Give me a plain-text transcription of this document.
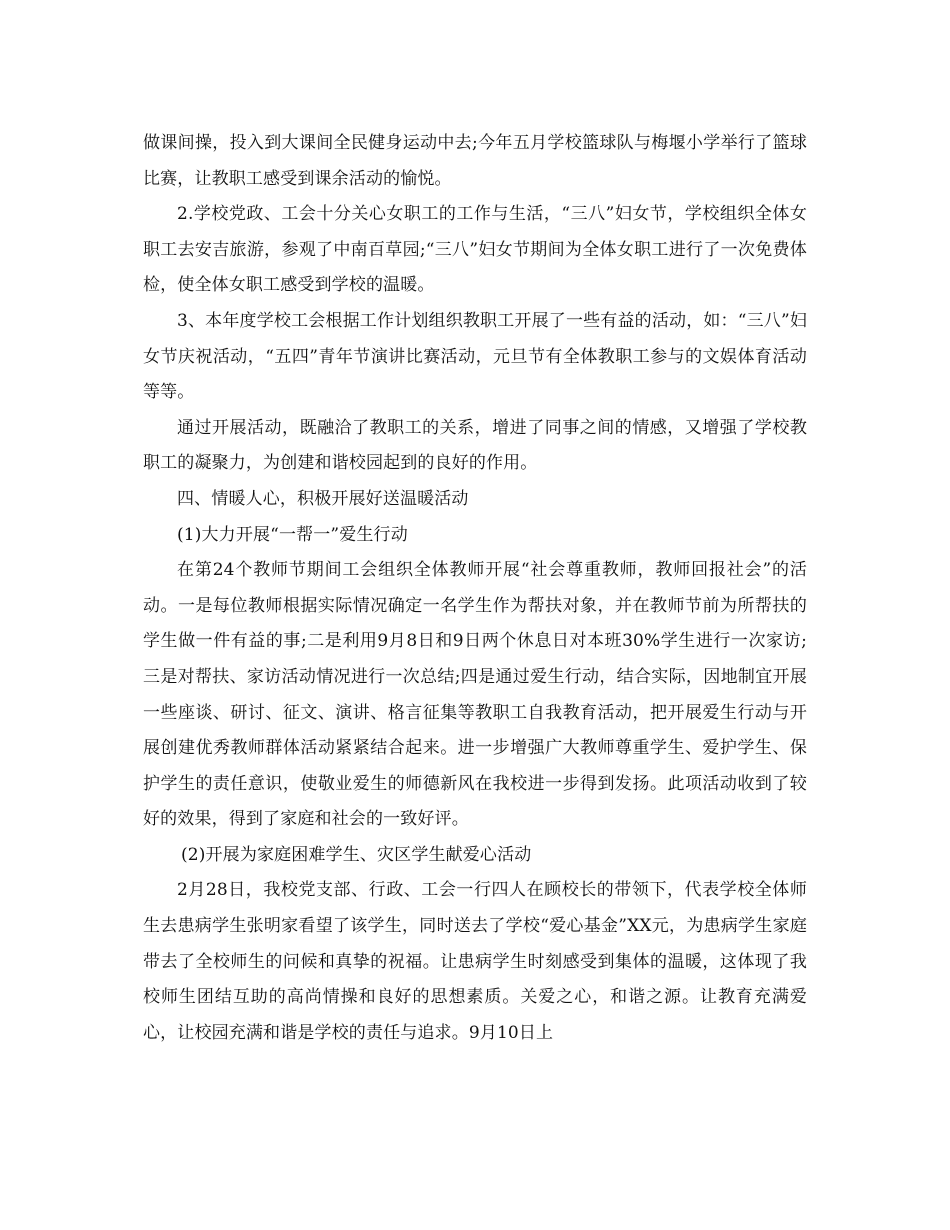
做课间操，投入到大课间全民健身运动中去;今年五月学校篮球队与梅堰小学举行了篮球比赛，让教职工感受到课余活动的愉悦。

2.学校党政、工会十分关心女职工的工作与生活，“三八”妇女节，学校组织全体女职工去安吉旅游，参观了中南百草园;“三八”妇女节期间为全体女职工进行了一次免费体检，使全体女职工感受到学校的温暖。

3、本年度学校工会根据工作计划组织教职工开展了一些有益的活动，如：“三八”妇女节庆祝活动，“五四”青年节演讲比赛活动，元旦节有全体教职工参与的文娱体育活动等等。

通过开展活动，既融洽了教职工的关系，增进了同事之间的情感，又增强了学校教职工的凝聚力，为创建和谐校园起到的良好的作用。

四、情暖人心，积极开展好送温暖活动

(1)大力开展“一帮一”爱生行动

在第24个教师节期间工会组织全体教师开展“社会尊重教师，教师回报社会”的活动。一是每位教师根据实际情况确定一名学生作为帮扶对象，并在教师节前为所帮扶的学生做一件有益的事;二是利用9月8日和9日两个休息日对本班30%学生进行一次家访;三是对帮扶、家访活动情况进行一次总结;四是通过爱生行动，结合实际，因地制宜开展一些座谈、研讨、征文、演讲、格言征集等教职工自我教育活动，把开展爱生行动与开展创建优秀教师群体活动紧紧结合起来。进一步增强广大教师尊重学生、爱护学生、保护学生的责任意识，使敬业爱生的师德新风在我校进一步得到发扬。此项活动收到了较好的效果，得到了家庭和社会的一致好评。

(2)开展为家庭困难学生、灾区学生献爱心活动

2月28日，我校党支部、行政、工会一行四人在顾校长的带领下，代表学校全体师生去患病学生张明家看望了该学生，同时送去了学校“爱心基金”XX元，为患病学生家庭带去了全校师生的问候和真挚的祝福。让患病学生时刻感受到集体的温暖，这体现了我校师生团结互助的高尚情操和良好的思想素质。关爱之心，和谐之源。让教育充满爱心，让校园充满和谐是学校的责任与追求。9月10日上
